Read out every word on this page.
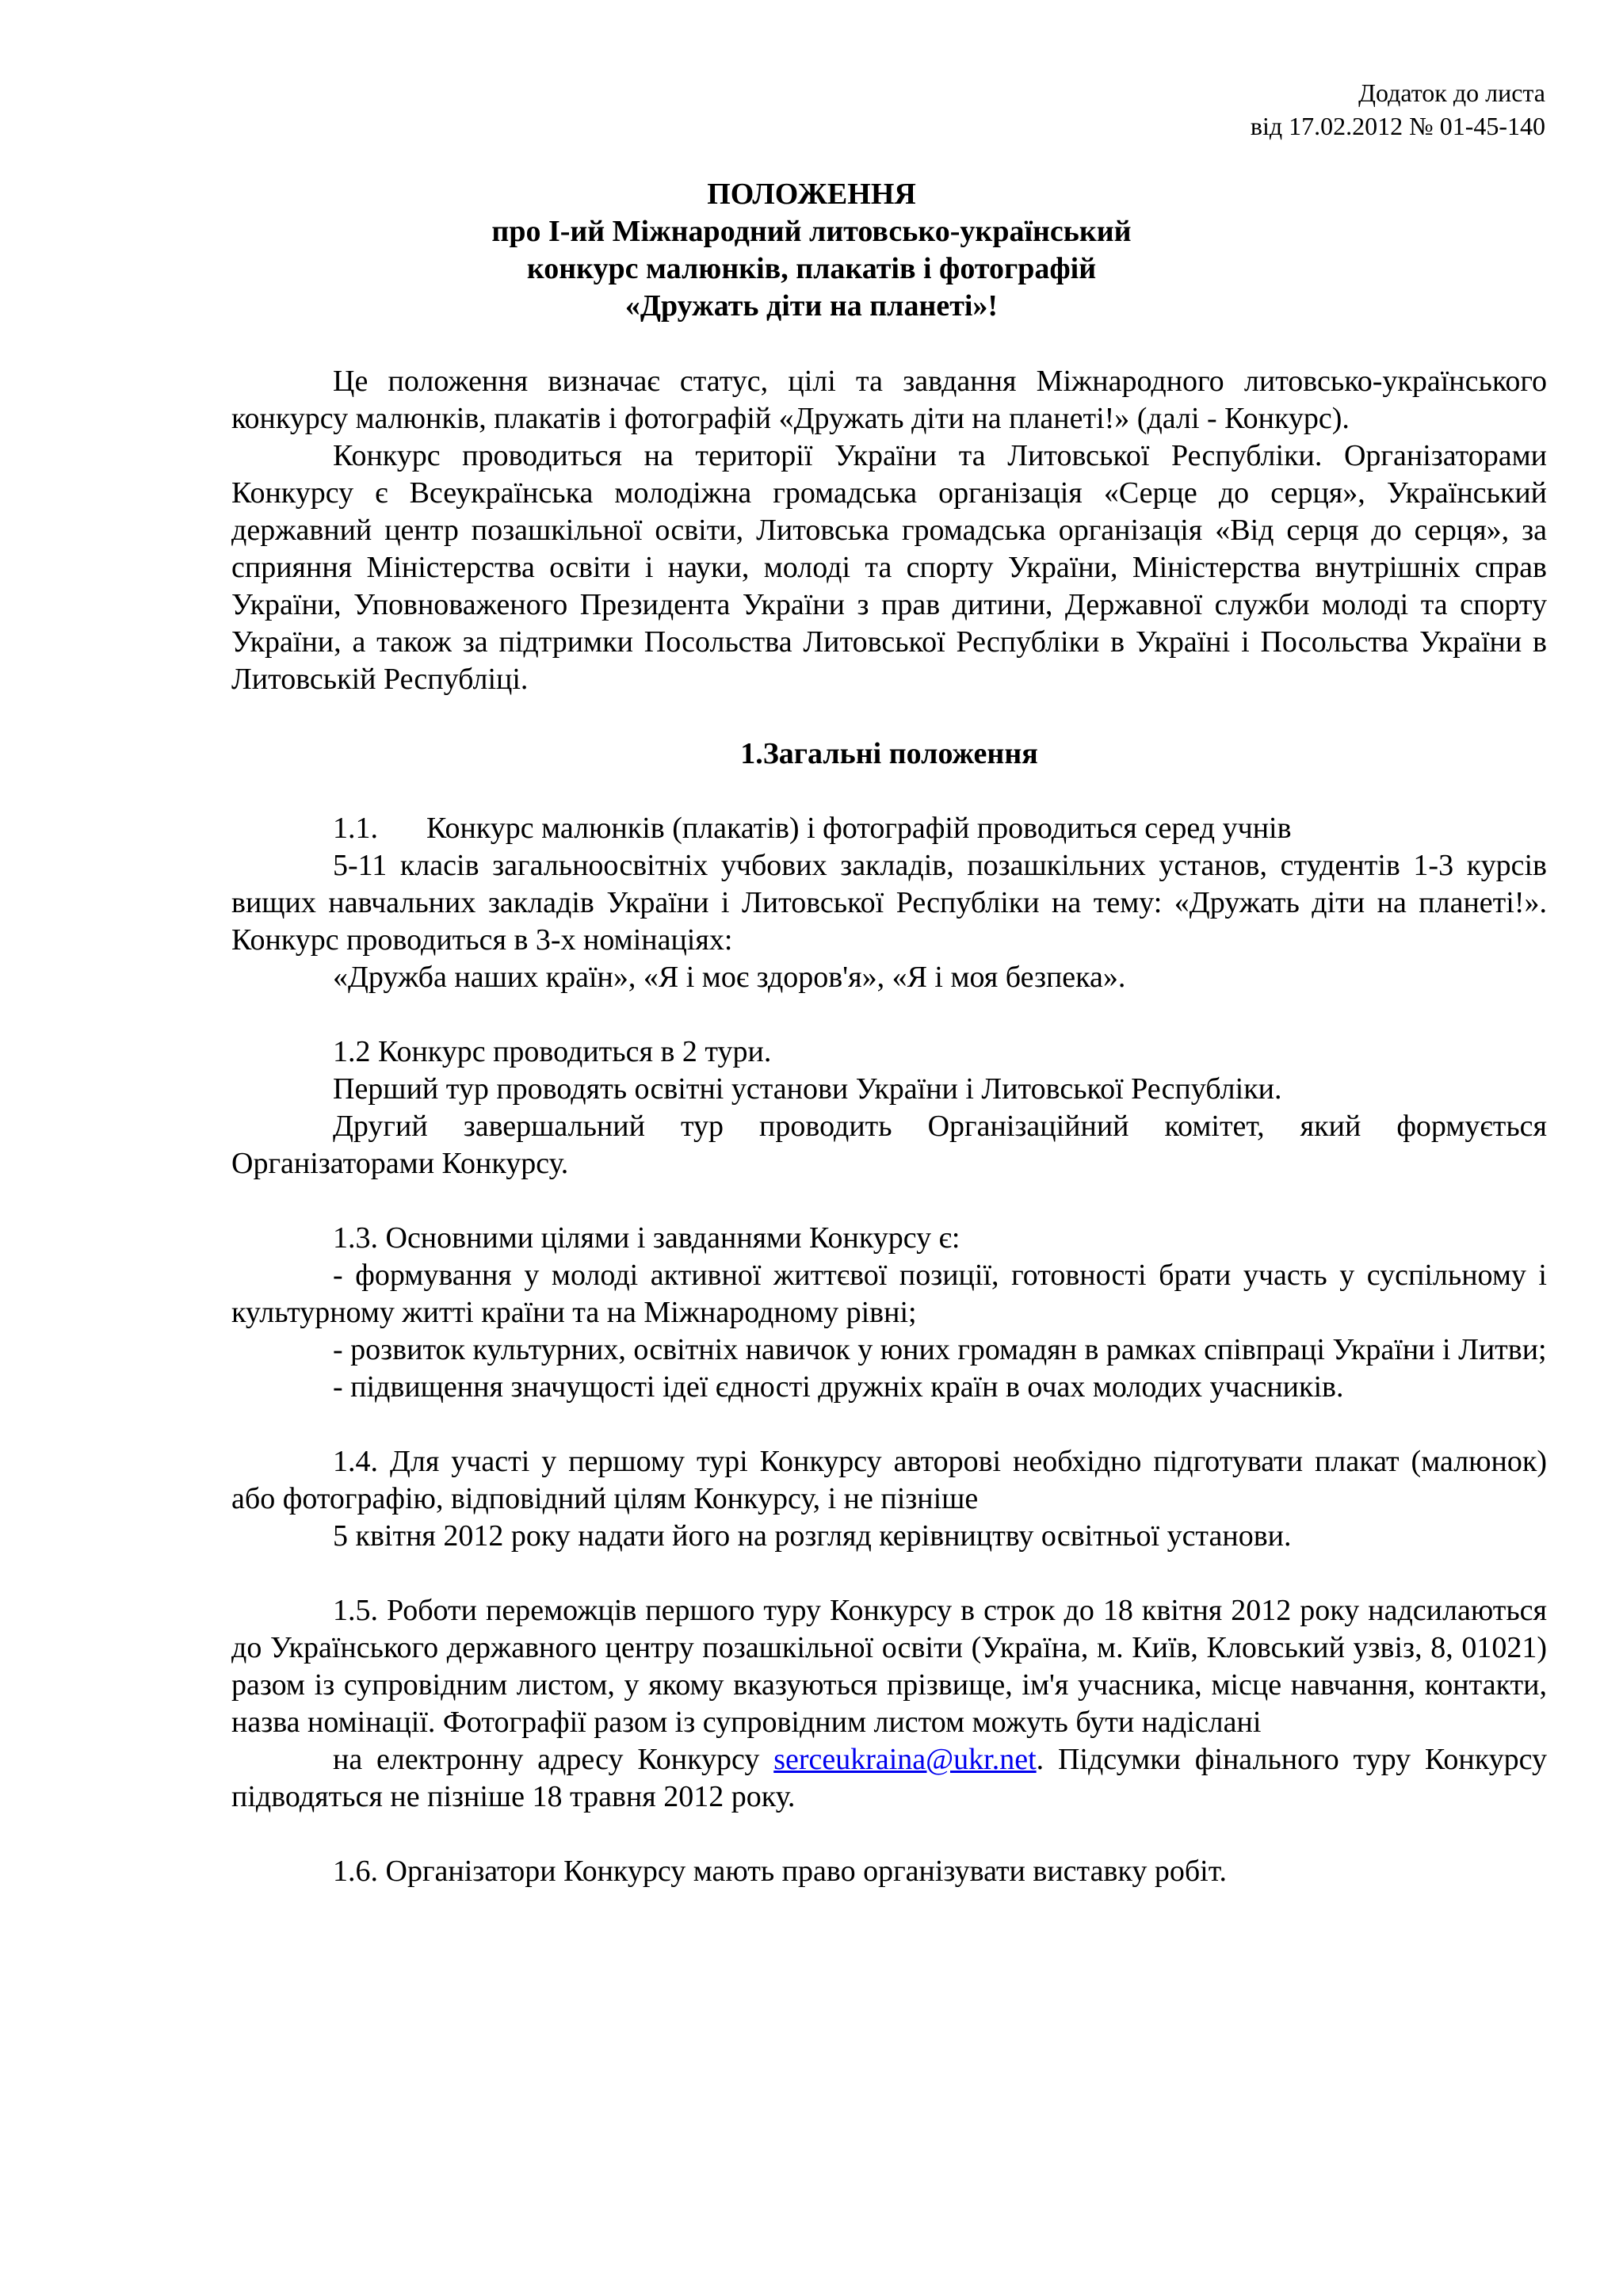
Додаток до листа
від 17.02.2012 № 01-45-140
ПОЛОЖЕННЯ
про І-ий Міжнародний литовсько-український
конкурс малюнків, плакатів і фотографій
«Дружать діти на планеті»!

Це положення визначає статус, цілі та завдання Міжнародного литовсько-українського конкурсу малюнків, плакатів і фотографій «Дружать діти на планеті!» (далі - Конкурс).

Конкурс проводиться на території України та Литовської Республіки. Організаторами Конкурсу є Всеукраїнська молодіжна громадська організація «Серце до серця», Український державний центр позашкільної освіти, Литовська громадська організація «Від серця до серця», за сприяння Міністерства освіти і науки, молоді та спорту України, Міністерства внутрішніх справ України, Уповноваженого Президента України з прав дитини, Державної служби молоді та спорту України, а також за підтримки Посольства Литовської Республіки в Україні і Посольства України в Литовській Республіці.

1.Загальні положення

1.1. Конкурс малюнків (плакатів) і фотографій проводиться серед учнів

5-11 класів загальноосвітніх учбових закладів, позашкільних установ, студентів 1-3 курсів вищих навчальних закладів України і Литовської Республіки на тему: «Дружать діти на планеті!». Конкурс проводиться в 3-х номінаціях:

«Дружба наших країн», «Я і моє здоров'я», «Я і моя безпека».

1.2 Конкурс проводиться в 2 тури.

Перший тур проводять освітні установи України і Литовської Республіки.

Другий завершальний тур проводить Організаційний комітет, який формується Організаторами Конкурсу.

1.3. Основними цілями і завданнями Конкурсу є:

- формування у молоді активної життєвої позиції, готовності брати участь у суспільному і культурному житті країни та на Міжнародному рівні;

- розвиток культурних, освітніх навичок у юних громадян в рамках співпраці України і Литви;

- підвищення значущості ідеї єдності дружніх країн в очах молодих учасників.

1.4. Для участі у першому турі Конкурсу авторові необхідно підготувати плакат (малюнок) або фотографію, відповідний цілям Конкурсу, і не пізніше

5 квітня 2012 року надати його на розгляд керівництву освітньої установи.

1.5. Роботи переможців першого туру Конкурсу в строк до 18 квітня 2012 року надсилаються до Українського державного центру позашкільної освіти (Україна, м. Київ, Кловський узвіз, 8, 01021) разом із супровідним листом, у якому вказуються прізвище, ім'я учасника, місце навчання, контакти, назва номінації. Фотографії разом із супровідним листом можуть бути надіслані

на електронну адресу Конкурсу serceukraina@ukr.net. Підсумки фінального туру Конкурсу підводяться не пізніше 18 травня 2012 року.

1.6. Організатори Конкурсу мають право організувати виставку робіт.
